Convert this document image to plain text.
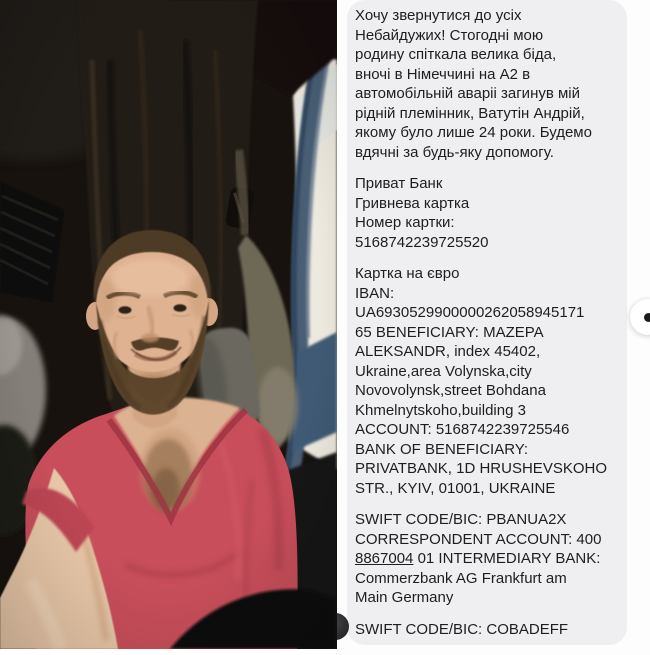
Хочу звернутися до усіх
Небайдужих! Стогодні мою
родину спіткала велика біда,
вночі в Німеччині на А2 в
автомобільній аваріі загинув мій
рідній племінник, Ватутін Андрій,
якому було лише 24 роки. Будемо
вдячні за будь-яку допомогу.
Приват Банк
Гривнева картка
Номер картки:
5168742239725520
Картка на євро
IBAN:
UA6930529900000262058945171
65 BENEFICIARY: MAZEPA
ALEKSANDR, index 45402,
Ukraine,area Volynska,city
Novovolynsk,street Bohdana
Khmelnytskoho,building 3
ACCOUNT: 5168742239725546
BANK OF BENEFICIARY:
PRIVATBANK, 1D HRUSHEVSKOHO
STR., KYIV, 01001, UKRAINE
SWIFT CODE/BIC: PBANUA2X
CORRESPONDENT ACCOUNT: 400
8867004 01 INTERMEDIARY BANK:
Commerzbank AG Frankfurt am
Main Germany
SWIFT CODE/BIC: COBADEFF
